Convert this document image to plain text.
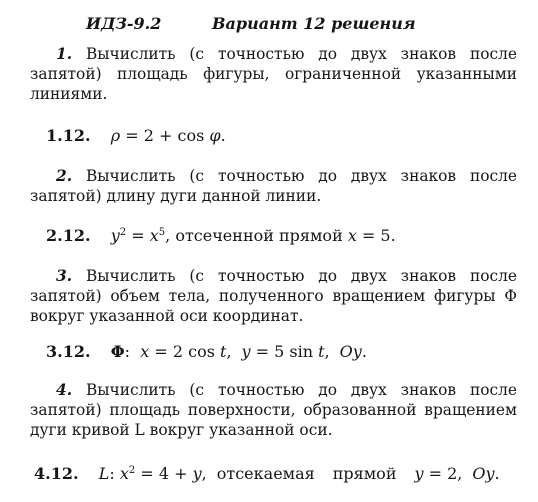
ИДЗ-9.2	Вариант 12 решения
1. Вычислить (с точностью до двух знаков после запятой) площадь фигуры, ограниченной указанными линиями.
1.12. ρ = 2 + cos φ.
2. Вычислить (с точностью до двух знаков после запятой) длину дуги данной линии.
2.12. $y^2 = x^5$, отсеченной прямой x = 5.
3. Вычислить (с точностью до двух знаков после запятой) объем тела, полученного вращением фигуры Φ вокруг указанной оси координат.
3.12. Φ:  x = 2 cos t, y = 5 sin t, Oy.
4. Вычислить (с точностью до двух знаков после запятой) площадь поверхности, образованной вращением дуги кривой L вокруг указанной оси.
4.12. L: $x^2 = 4 + y$, отсекаемая прямой y = 2, Oy.
